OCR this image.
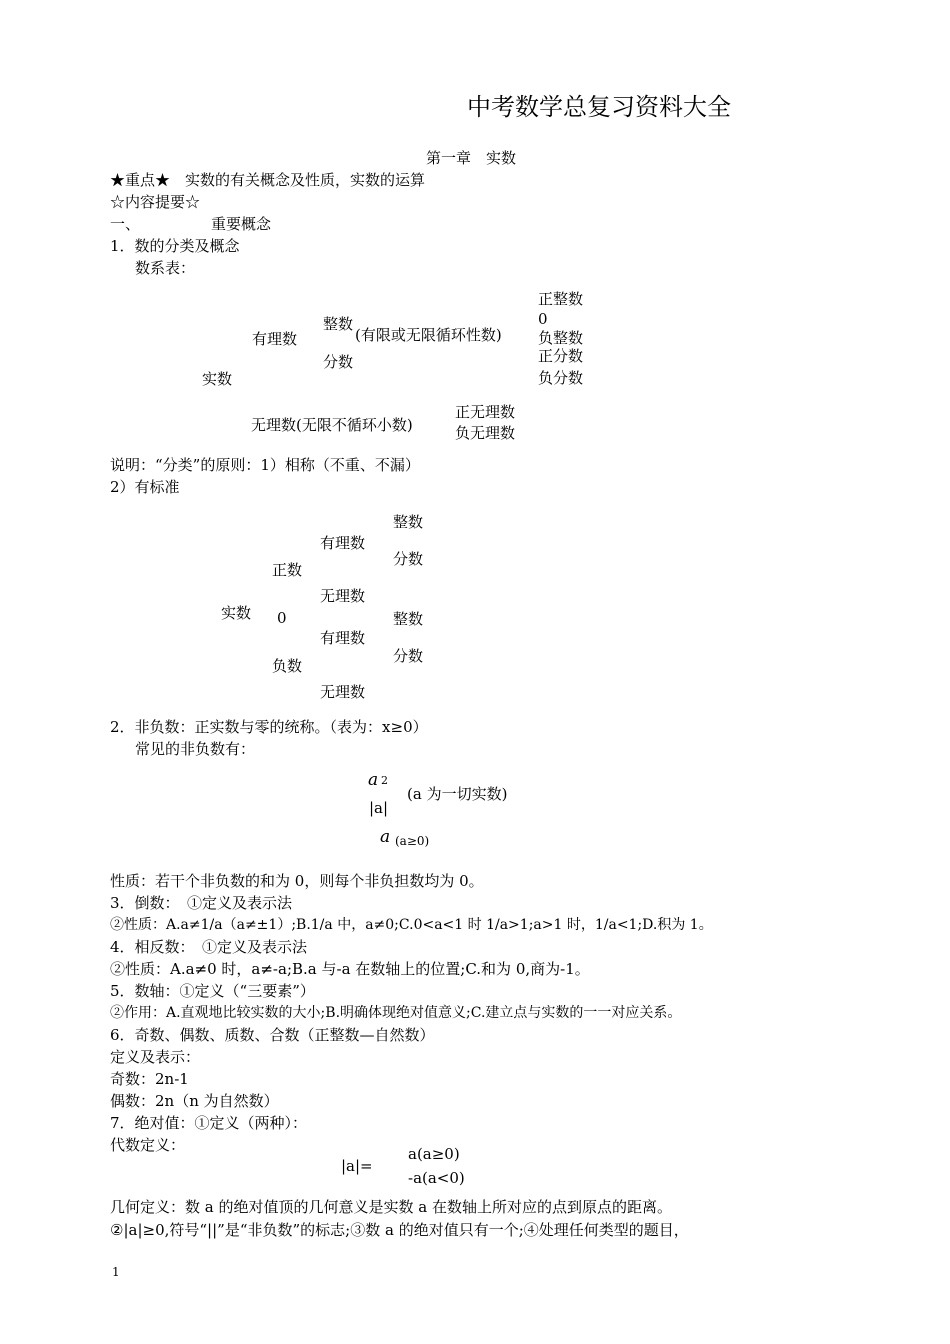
中考数学总复习资料大全
第一章　实数
★重点★　实数的有关概念及性质，实数的运算
☆内容提要☆
一、	重要概念
1．数的分类及概念
数系表：
正整数
0
整数
(有限或无限循环性数)
有理数	负整数
正分数
分数
实数	负分数
正无理数
无理数(无限不循环小数)	负无理数
说明：“分类”的原则：1）相称（不重、不漏）
2）有标准
整数
有理数
分数
正数
无理数
实数 0	整数
有理数
分数
负数
无理数
2．非负数：正实数与零的统称。（表为：x≥0）
常见的非负数有：
a 2
|a|
(a 为一切实数)
a (a≥0)
性质：若干个非负数的和为 0，则每个非负担数均为 0。
3．倒数：　①定义及表示法
②性质：A.a≠1/a（a≠±1）;B.1/a 中，a≠0;C.0<a<1 时 1/a>1;a>1 时，1/a<1;D.积为 1。
4．相反数：　①定义及表示法
②性质：A.a≠0 时，a≠-a;B.a 与-a 在数轴上的位置;C.和为 0,商为-1。
5．数轴：①定义（“三要素”）
②作用：A.直观地比较实数的大小;B.明确体现绝对值意义;C.建立点与实数的一一对应关系。
6．奇数、偶数、质数、合数（正整数—自然数）
定义及表示：
奇数：2n-1
偶数：2n（n 为自然数）
7．绝对值：①定义（两种）：
代数定义：
|a|=
a(a≥0)
-a(a<0)
几何定义：数 a 的绝对值顶的几何意义是实数 a 在数轴上所对应的点到原点的距离。
②|a|≥0,符号“||”是“非负数”的标志;③数 a 的绝对值只有一个;④处理任何类型的题目，
1
